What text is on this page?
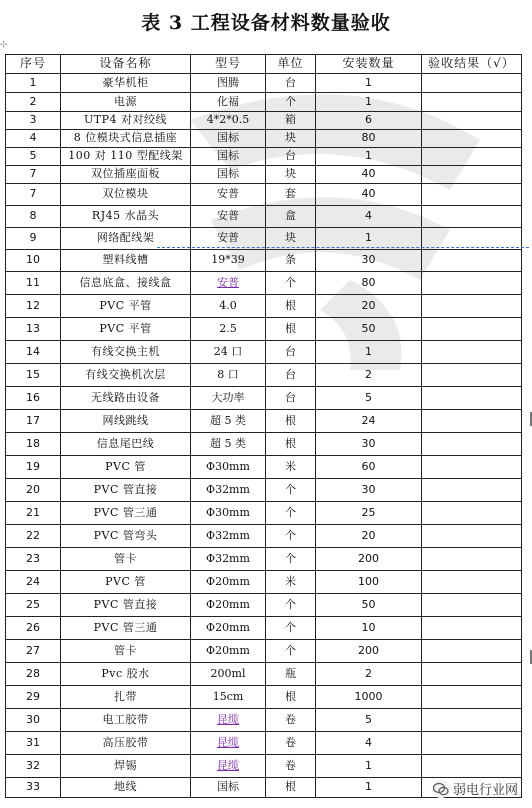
表 3 工程设备材料数量验收
⊹
序号	设备名称	型号	单位	安装数量	验收结果（√）
1	豪华机柜	图腾	台	1	
2	电源	化福	个	1	
3	UTP4 对对绞线	4*2*0.5	箱	6	
4	8 位模块式信息插座	国标	块	80	
5	100 对 110 型配线架	国标	台	1	
7	双位插座面板	国标	块	40	
7	双位模块	安普	套	40	
8	RJ45 水晶头	安普	盒	4	
9	网络配线架	安普	块	1	
10	塑料线槽	19*39	条	30	
11	信息底盒、接线盒	安普	个	80	
12	PVC 平管	4.0	根	20	
13	PVC 平管	2.5	根	50	
14	有线交换主机	24 口	台	1	
15	有线交换机次层	8 口	台	2	
16	无线路由设备	大功率	台	5	
17	网线跳线	超 5 类	根	24	
18	信息尾巴线	超 5 类	根	30	
19	PVC 管	Φ30mm	米	60	
20	PVC 管直接	Φ32mm	个	30	
21	PVC 管三通	Φ30mm	个	25	
22	PVC 管弯头	Φ32mm	个	20	
23	管卡	Φ32mm	个	200	
24	PVC 管	Φ20mm	米	100	
25	PVC 管直接	Φ20mm	个	50	
26	PVC 管三通	Φ20mm	个	10	
27	管卡	Φ20mm	个	200	
28	Pvc 胶水	200ml	瓶	2	
29	扎带	15cm	根	1000	
30	电工胶带	昆缆	卷	5	
31	高压胶带	昆缆	卷	4	
32	焊锡	昆缆	卷	1	
33	地线	国标	根	1		弱电行业网
